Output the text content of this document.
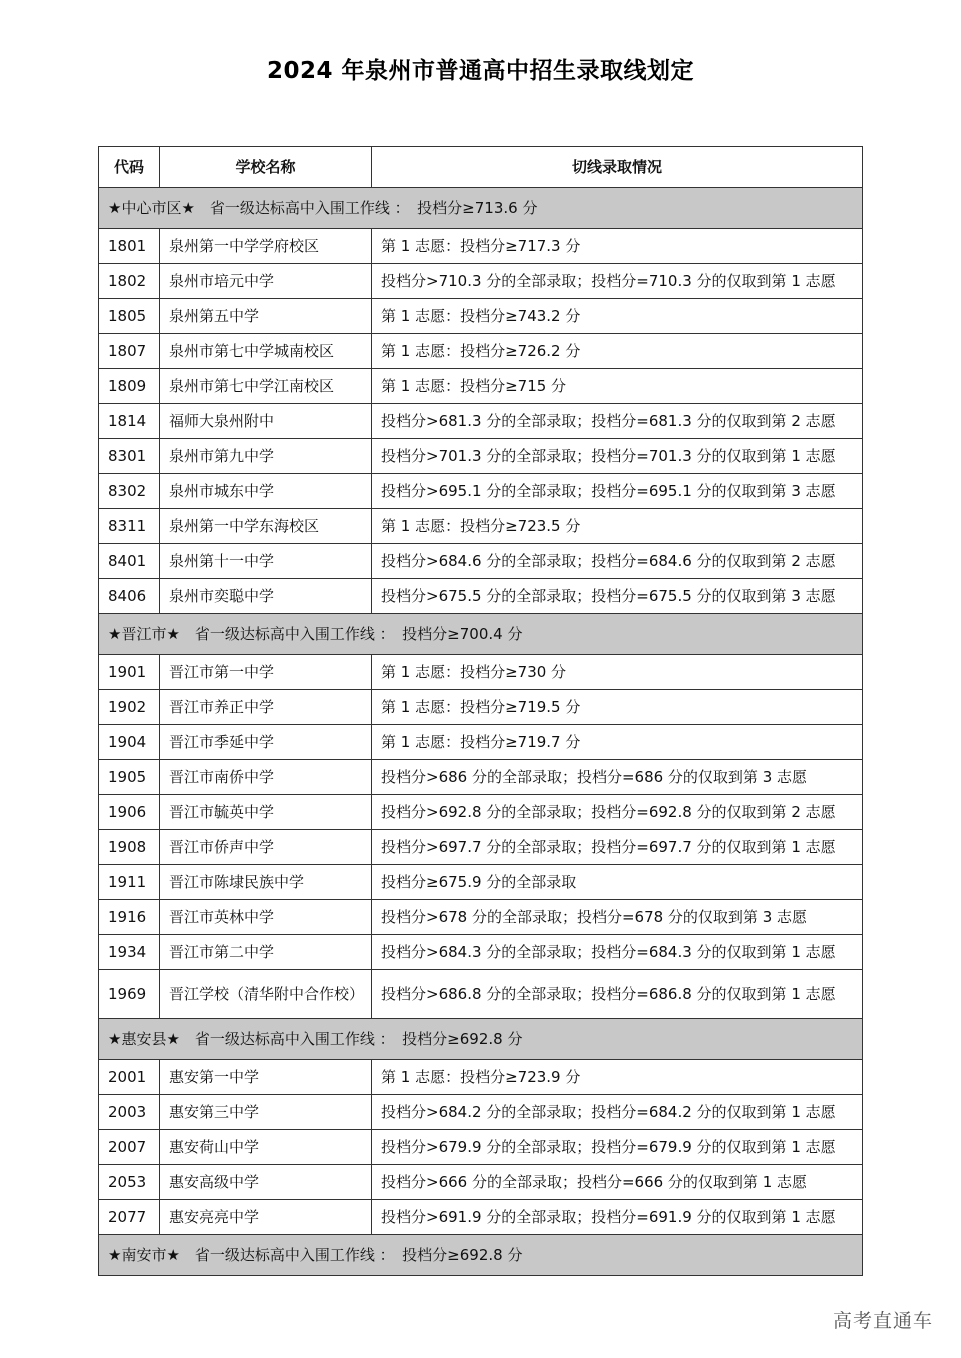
2024 年泉州市普通高中招生录取线划定
代码	学校名称	切线录取情况
★中心市区★　省一级达标高中入围工作线 ：　投档分≥713.6 分		
1801	泉州第一中学学府校区	第 1 志愿：投档分≥717.3 分
1802	泉州市培元中学	投档分>710.3 分的全部录取；投档分=710.3 分的仅取到第 1 志愿
1805	泉州第五中学	第 1 志愿：投档分≥743.2 分
1807	泉州市第七中学城南校区	第 1 志愿：投档分≥726.2 分
1809	泉州市第七中学江南校区	第 1 志愿：投档分≥715 分
1814	福师大泉州附中	投档分>681.3 分的全部录取；投档分=681.3 分的仅取到第 2 志愿
8301	泉州市第九中学	投档分>701.3 分的全部录取；投档分=701.3 分的仅取到第 1 志愿
8302	泉州市城东中学	投档分>695.1 分的全部录取；投档分=695.1 分的仅取到第 3 志愿
8311	泉州第一中学东海校区	第 1 志愿：投档分≥723.5 分
8401	泉州第十一中学	投档分>684.6 分的全部录取；投档分=684.6 分的仅取到第 2 志愿
8406	泉州市奕聪中学	投档分>675.5 分的全部录取；投档分=675.5 分的仅取到第 3 志愿
★晋江市★　省一级达标高中入围工作线 ：　投档分≥700.4 分		
1901	晋江市第一中学	第 1 志愿：投档分≥730 分
1902	晋江市养正中学	第 1 志愿：投档分≥719.5 分
1904	晋江市季延中学	第 1 志愿：投档分≥719.7 分
1905	晋江市南侨中学	投档分>686 分的全部录取；投档分=686 分的仅取到第 3 志愿
1906	晋江市毓英中学	投档分>692.8 分的全部录取；投档分=692.8 分的仅取到第 2 志愿
1908	晋江市侨声中学	投档分>697.7 分的全部录取；投档分=697.7 分的仅取到第 1 志愿
1911	晋江市陈埭民族中学	投档分≥675.9 分的全部录取
1916	晋江市英林中学	投档分>678 分的全部录取；投档分=678 分的仅取到第 3 志愿
1934	晋江市第二中学	投档分>684.3 分的全部录取；投档分=684.3 分的仅取到第 1 志愿
1969	晋江学校（清华附中合作校）	投档分>686.8 分的全部录取；投档分=686.8 分的仅取到第 1 志愿
★惠安县★　省一级达标高中入围工作线 ：　投档分≥692.8 分		
2001	惠安第一中学	第 1 志愿：投档分≥723.9 分
2003	惠安第三中学	投档分>684.2 分的全部录取；投档分=684.2 分的仅取到第 1 志愿
2007	惠安荷山中学	投档分>679.9 分的全部录取；投档分=679.9 分的仅取到第 1 志愿
2053	惠安高级中学	投档分>666 分的全部录取；投档分=666 分的仅取到第 1 志愿
2077	惠安亮亮中学	投档分>691.9 分的全部录取；投档分=691.9 分的仅取到第 1 志愿
★南安市★　省一级达标高中入围工作线 ：　投档分≥692.8 分		
高考直通车
